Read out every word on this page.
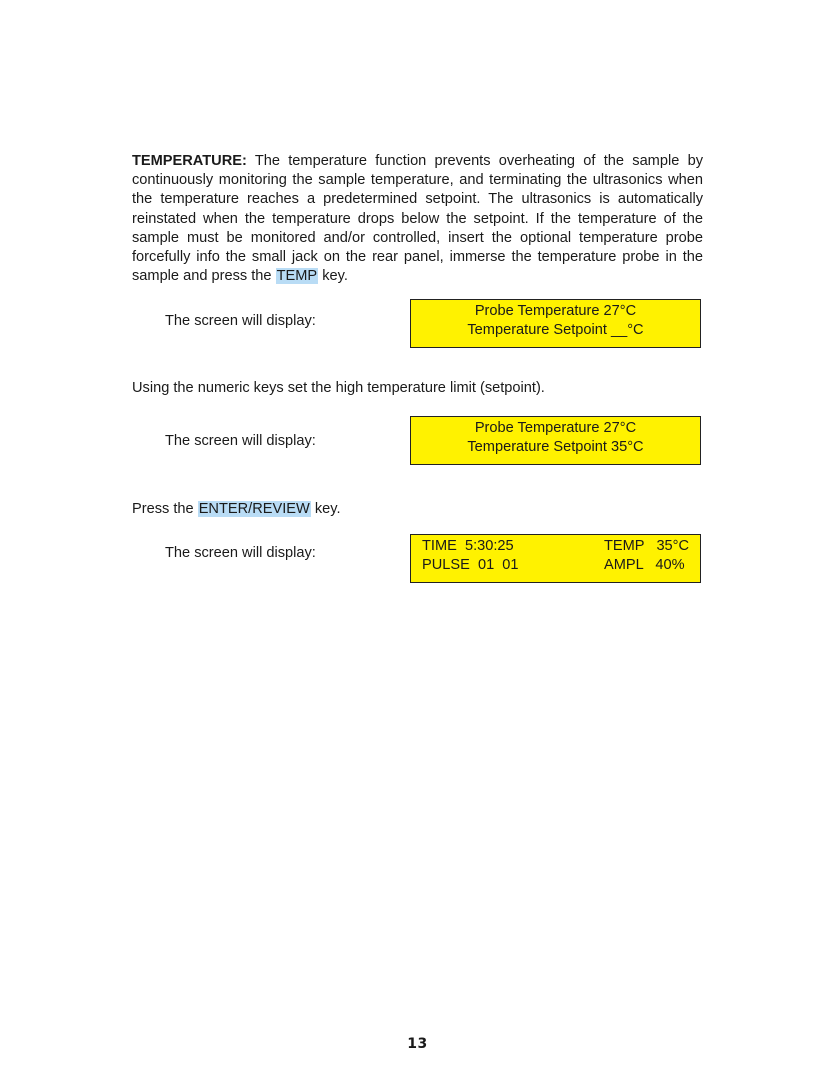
TEMPERATURE: The temperature function prevents overheating of the sample by continuously monitoring the sample temperature, and terminating the ultrasonics when the temperature reaches a predetermined setpoint. The ultrasonics is automatically reinstated when the temperature drops below the setpoint. If the temperature of the sample must be monitored and/or controlled, insert the optional temperature probe forcefully info the small jack on the rear panel, immerse the temperature probe in the sample and press the TEMP key.

The screen will display:
Probe Temperature 27°C
Temperature Setpoint __°C

Using the numeric keys set the high temperature limit (setpoint).

The screen will display:
Probe Temperature 27°C
Temperature Setpoint 35°C

Press the ENTER/REVIEW key.

The screen will display:	TIME  5:30:25	TEMP   35°C
PULSE  01  01	AMPL   40%
13
